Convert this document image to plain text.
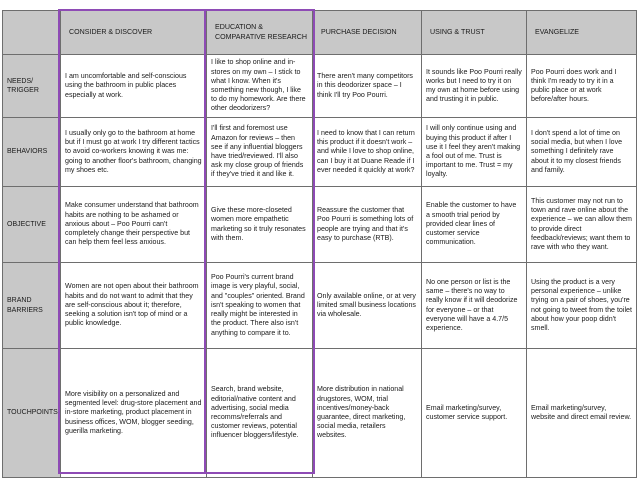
	CONSIDER & DISCOVER	EDUCATION & COMPARATIVE RESEARCH	PURCHASE DECISION	USING & TRUST	EVANGELIZE
NEEDS/ TRIGGER	I am uncomfortable and self-conscious using the bathroom in public places especially at work.	I like to shop online and in-stores on my own – I stick to what I know. When it's something new though, I like to do my homework. Are there other deodorizers?	There aren't many competitors in this deodorizer space – I think I'll try Poo Pourri.	It sounds like Poo Pourri really works but I need to try it on my own at home before using and trusting it in public.	Poo Pourri does work and I think I'm ready to try it in a public place or at work before/after hours.
BEHAVIORS	I usually only go to the bathroom at home but if I must go at work I try different tactics to avoid co-workers knowing it was me: going to another floor's bathroom, changing my shoes etc.	I'll first and foremost use Amazon for reviews – then see if any influential bloggers have tried/reviewed. I'll also ask my close group of friends if they've tried it and like it.	I need to know that I can return this product if it doesn't work – and while I love to shop online, can I buy it at Duane Reade if I ever needed it quickly at work?	I will only continue using and buying this product if after I use it I feel they aren't making a fool out of me. Trust is important to me. Trust = my loyalty.	I don't spend a lot of time on social media, but when I love something I definitely rave about it to my closest friends and family.
OBJECTIVE	Make consumer understand that bathroom habits are nothing to be ashamed or anxious about – Poo Pourri can't completely change their perspective but can help them feel less anxious.	Give these more-closeted women more empathetic marketing so it truly resonates with them.	Reassure the customer that Poo Pourri is something lots of people are trying and that it's easy to purchase (RTB).	Enable the customer to have a smooth trial period by provided clear lines of customer service communication.	This customer may not run to town and rave online about the experience – we can allow them to provide direct feedback/reviews; want them to rave with who they want.
BRAND BARRIERS	Women are not open about their bathroom habits and do not want to admit that they are self-conscious about it; therefore, seeking a solution isn't top of mind or a public knowledge.	Poo Pourri's current brand image is very playful, social, and "couples" oriented. Brand isn't speaking to women that really might be interested in the product. There also isn't anything to compare it to.	Only available online, or at very limited small business locations via wholesale.	No one person or list is the same – there's no way to really know if it will deodorize for everyone – or that everyone will have a 4.7/5 experience.	Using the product is a very personal experience – unlike trying on a pair of shoes, you're not going to tweet from the toilet about how your poop didn't smell.
TOUCHPOINTS	More visibility on a personalized and segmented level: drug-store placement and in-store marketing, product placement in business offices, WOM, blogger seeding, guerilla marketing.	Search, brand website, editorial/native content and advertising, social media recomms/referrals and customer reviews, potential influencer bloggers/lifestyle.	More distribution in national drugstores, WOM, trial incentives/money-back guarantee, direct marketing, social media, retailers websites.	Email marketing/survey, customer service support.	Email marketing/survey, website and direct email review.
